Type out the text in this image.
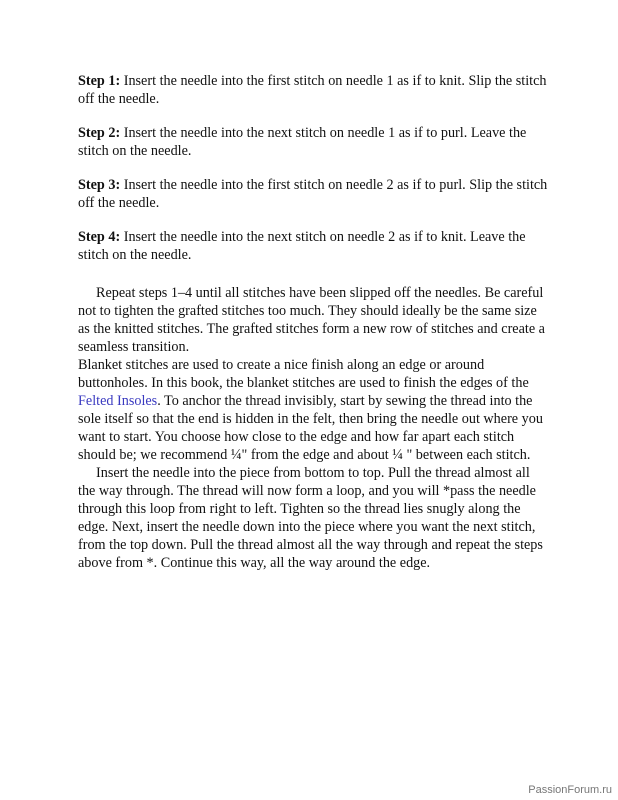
Step 1: Insert the needle into the first stitch on needle 1 as if to knit. Slip the stitch off the needle.

Step 2: Insert the needle into the next stitch on needle 1 as if to purl. Leave the stitch on the needle.

Step 3: Insert the needle into the first stitch on needle 2 as if to purl. Slip the stitch off the needle.

Step 4: Insert the needle into the next stitch on needle 2 as if to knit. Leave the stitch on the needle.

Repeat steps 1–4 until all stitches have been slipped off the needles. Be careful not to tighten the grafted stitches too much. They should ideally be the same size as the knitted stitches. The grafted stitches form a new row of stitches and create a seamless transition.

Blanket stitches are used to create a nice finish along an edge or around buttonholes. In this book, the blanket stitches are used to finish the edges of the Felted Insoles. To anchor the thread invisibly, start by sewing the thread into the sole itself so that the end is hidden in the felt, then bring the needle out where you want to start. You choose how close to the edge and how far apart each stitch should be; we recommend ¼" from the edge and about ¼ " between each stitch.

Insert the needle into the piece from bottom to top. Pull the thread almost all the way through. The thread will now form a loop, and you will *pass the needle through this loop from right to left. Tighten so the thread lies snugly along the edge. Next, insert the needle down into the piece where you want the next stitch, from the top down. Pull the thread almost all the way through and repeat the steps above from *. Continue this way, all the way around the edge.

PassionForum.ru
